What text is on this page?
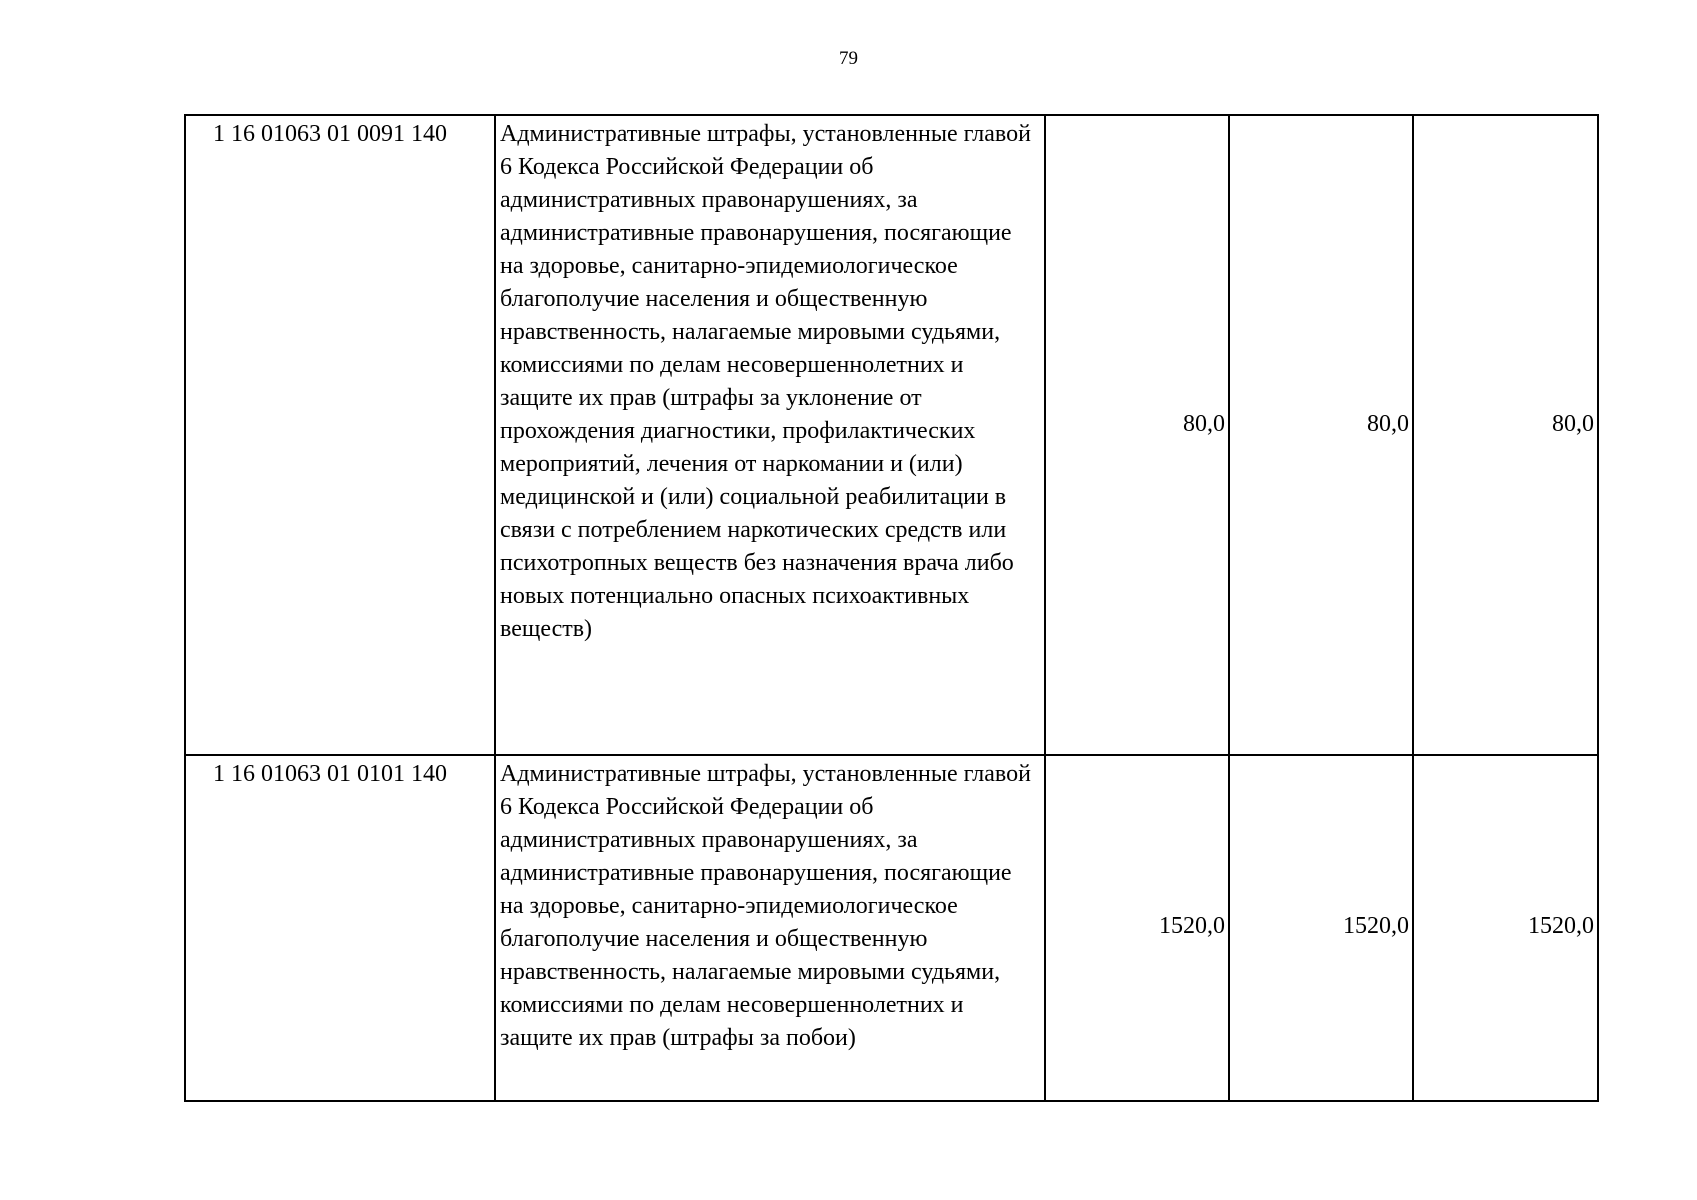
79
1 16 01063 01 0091 140	Административные штрафы, установленные главой 6 Кодекса Российской Федерации об административных правонарушениях, за административные правонарушения, посягающие на здоровье, санитарно-эпидемиологическое благополучие населения и общественную нравственность, налагаемые мировыми судьями, комиссиями по делам несовершеннолетних и защите их прав (штрафы за уклонение от прохождения диагностики, профилактических мероприятий, лечения от наркомании и (или) медицинской и (или) социальной реабилитации в связи с потреблением наркотических средств или психотропных веществ без назначения врача либо новых потенциально опасных психоактивных веществ)	80,0	80,0	80,0
1 16 01063 01 0101 140	Административные штрафы, установленные главой 6 Кодекса Российской Федерации об административных правонарушениях, за административные правонарушения, посягающие на здоровье, санитарно-эпидемиологическое благополучие населения и общественную нравственность, налагаемые мировыми судьями, комиссиями по делам несовершеннолетних и защите их прав (штрафы за побои)	1520,0	1520,0	1520,0
